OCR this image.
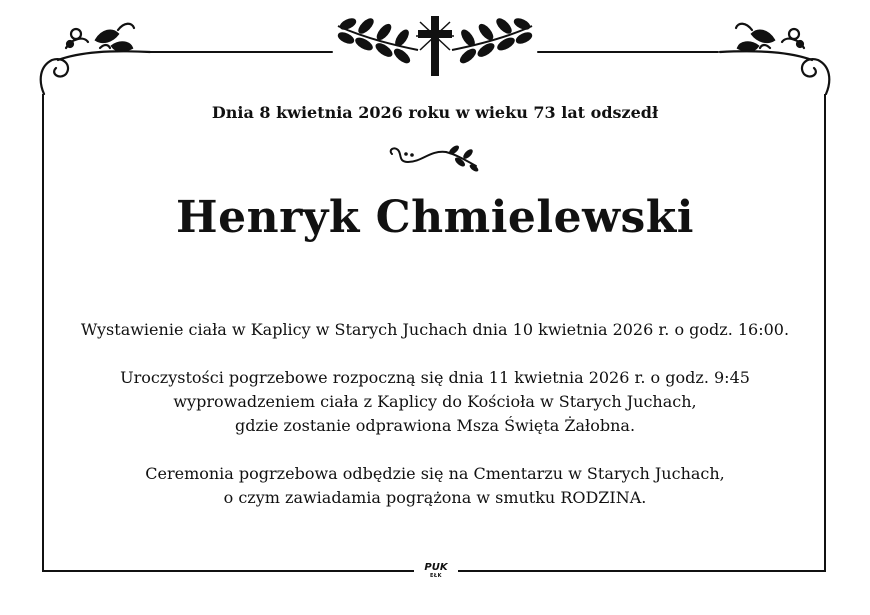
Dnia 8 kwietnia 2026 roku w wieku 73 lat odszedł
Henryk Chmielewski
Wystawienie ciała w Kaplicy w Starych Juchach dnia 10 kwietnia 2026 r. o godz. 16:00.
Uroczystości pogrzebowe rozpoczną się dnia 11 kwietnia 2026 r. o godz. 9:45
wyprowadzeniem ciała z Kaplicy do Kościoła w Starych Juchach,
gdzie zostanie odprawiona Msza Święta Żałobna.
Ceremonia pogrzebowa odbędzie się na Cmentarzu w Starych Juchach,
o czym zawiadamia pogrążona w smutku RODZINA.
PUK
EŁK
